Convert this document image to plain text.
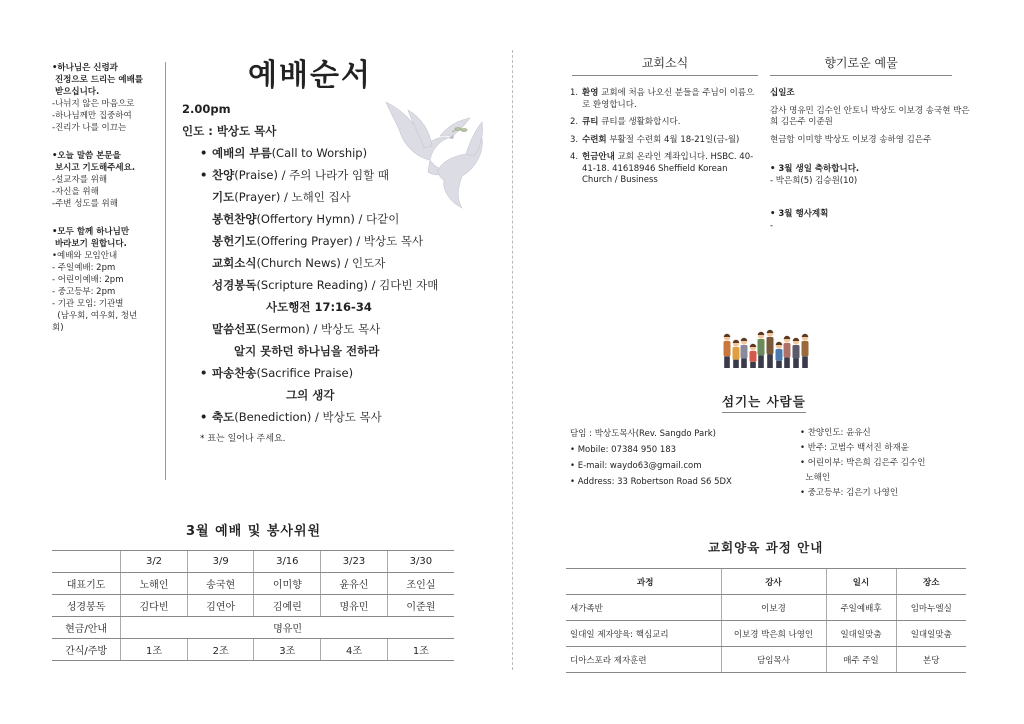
•하나님은 신령과
진정으로 드리는 예배를
받으십니다.
-나뉘지 않은 마음으로
-하나님께만 집중하여
-진리가 나를 이끄는
•오늘 말씀 본문을
보시고 기도해주세요.
-설교자를 위해
-자신을 위해
-주변 성도를 위해
•모두 함께 하나님만
바라보기 원합니다.
•예배와 모임안내
- 주일예배: 2pm
- 어린이예배: 2pm
- 중고등부: 2pm
- 기관 모임: 기관별
(남우회, 여우회, 청년
회)
예배순서
2.00pm
인도 : 박상도 목사
• 예배의 부름(Call to Worship)
• 찬양(Praise) / 주의 나라가 임할 때
기도(Prayer) / 노해인 집사
봉헌찬양(Offertory Hymn) / 다같이
봉헌기도(Offering Prayer) / 박상도 목사
교회소식(Church News) / 인도자
성경봉독(Scripture Reading) / 김다빈 자매
사도행전 17:16-34
말씀선포(Sermon) / 박상도 목사
알지 못하던 하나님을 전하라
• 파송찬송(Sacrifice Praise)
그의 생각
• 축도(Benediction) / 박상도 목사
* 표는 일어나 주세요.
3월 예배 및 봉사위원
	3/2	3/9	3/16	3/23	3/30
대표기도	노해인	송국현	이미향	윤유신	조인실
성경봉독	김다빈	김연아	김예린	명유민	이준원
현금/안내	명유민				
간식/주방	1조	2조	3조	4조	1조
교회소식	향기로운 예물
1. 환영 교회에 처음 나오신 분들을 주님이 이름으로 환영합니다.
2. 큐티 큐티를 생활화합시다.
3. 수련회 부활절 수련회 4월 18-21일(금-월)
4. 헌금안내 교회 온라인 계좌입니다. HSBC. 40-41-18. 41618946 Sheffield Korean Church / Business
십일조
감사 명유민 김수인 안토니 박상도 이보경 송국현 박은희 김은주 이준원
현금함 이미향 박상도 이보경 송하영 김은주
• 3월 생일 축하합니다.
- 박은희(5) 김승원(10)
• 3월 행사계획
-
섬기는 사람들
담임 : 박상도목사(Rev. Sangdo Park)
• Mobile: 07384 950 183
• E-mail: waydo63@gmail.com
• Address: 33 Robertson Road S6 5DX
• 찬양인도: 윤유신
• 반주: 고범수 백서진 하재윤
• 어린이부: 박은희 김은주 김수인
노해인
• 중고등부: 김은기 나영인
교회양육 과정 안내
과정	강사	일시	장소
새가족반	이보경	주일예배후	임마누엘실
일대일 제자양육: 핵심교리	이보경 박은희 나영인	일대일맞춤	일대일맞춤
디아스포라 제자훈련	담임목사	매주 주일	본당
